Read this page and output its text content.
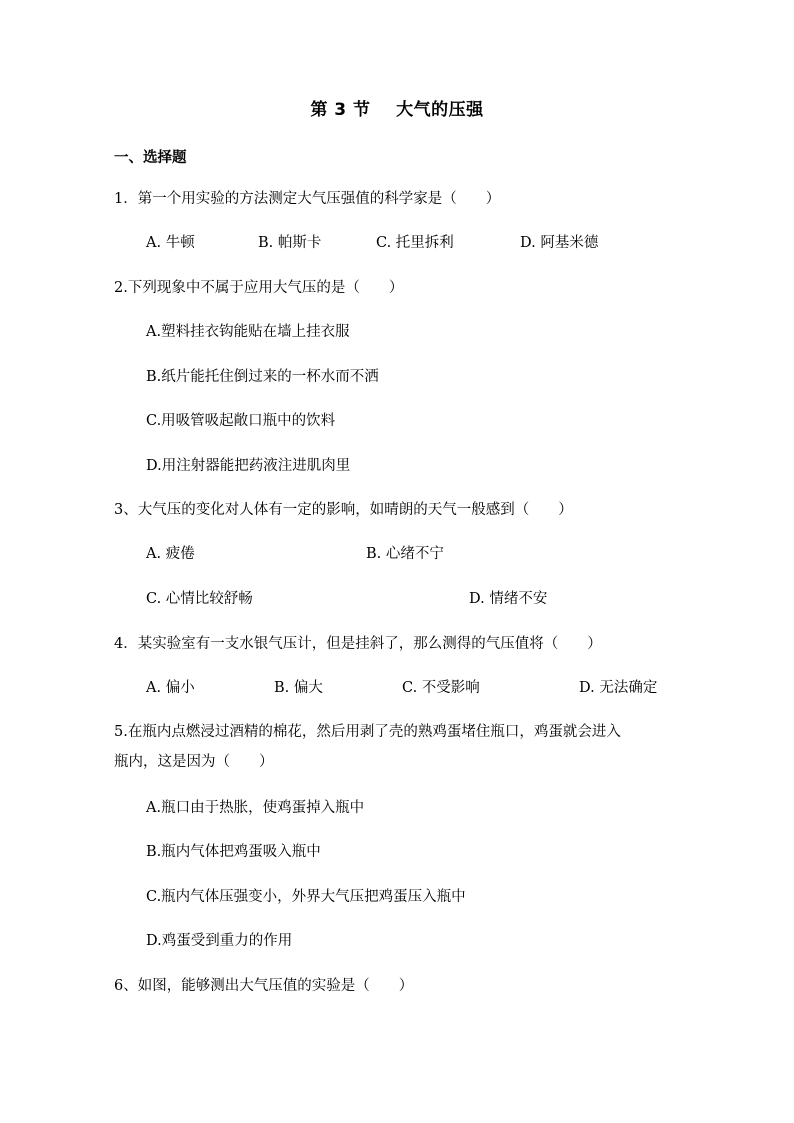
第 3 节    大气的压强
一、选择题
1．第一个用实验的方法测定大气压强值的科学家是（　　）
A. 牛顿	B. 帕斯卡	C. 托里拆利	D. 阿基米德
2.下列现象中不属于应用大气压的是（　　）
A.塑料挂衣钩能贴在墙上挂衣服
B.纸片能托住倒过来的一杯水而不洒
C.用吸管吸起敞口瓶中的饮料
D.用注射器能把药液注进肌肉里
3、大气压的变化对人体有一定的影响，如晴朗的天气一般感到（　　）
A. 疲倦	B. 心绪不宁
C. 心情比较舒畅	D. 情绪不安
4．某实验室有一支水银气压计，但是挂斜了，那么测得的气压值将（　　）
A. 偏小	B. 偏大	C. 不受影响	D. 无法确定
5.在瓶内点燃浸过酒精的棉花，然后用剥了壳的熟鸡蛋堵住瓶口，鸡蛋就会进入
瓶内，这是因为（　　）
A.瓶口由于热胀，使鸡蛋掉入瓶中
B.瓶内气体把鸡蛋吸入瓶中
C.瓶内气体压强变小，外界大气压把鸡蛋压入瓶中
D.鸡蛋受到重力的作用
6、如图，能够测出大气压值的实验是（　　）
